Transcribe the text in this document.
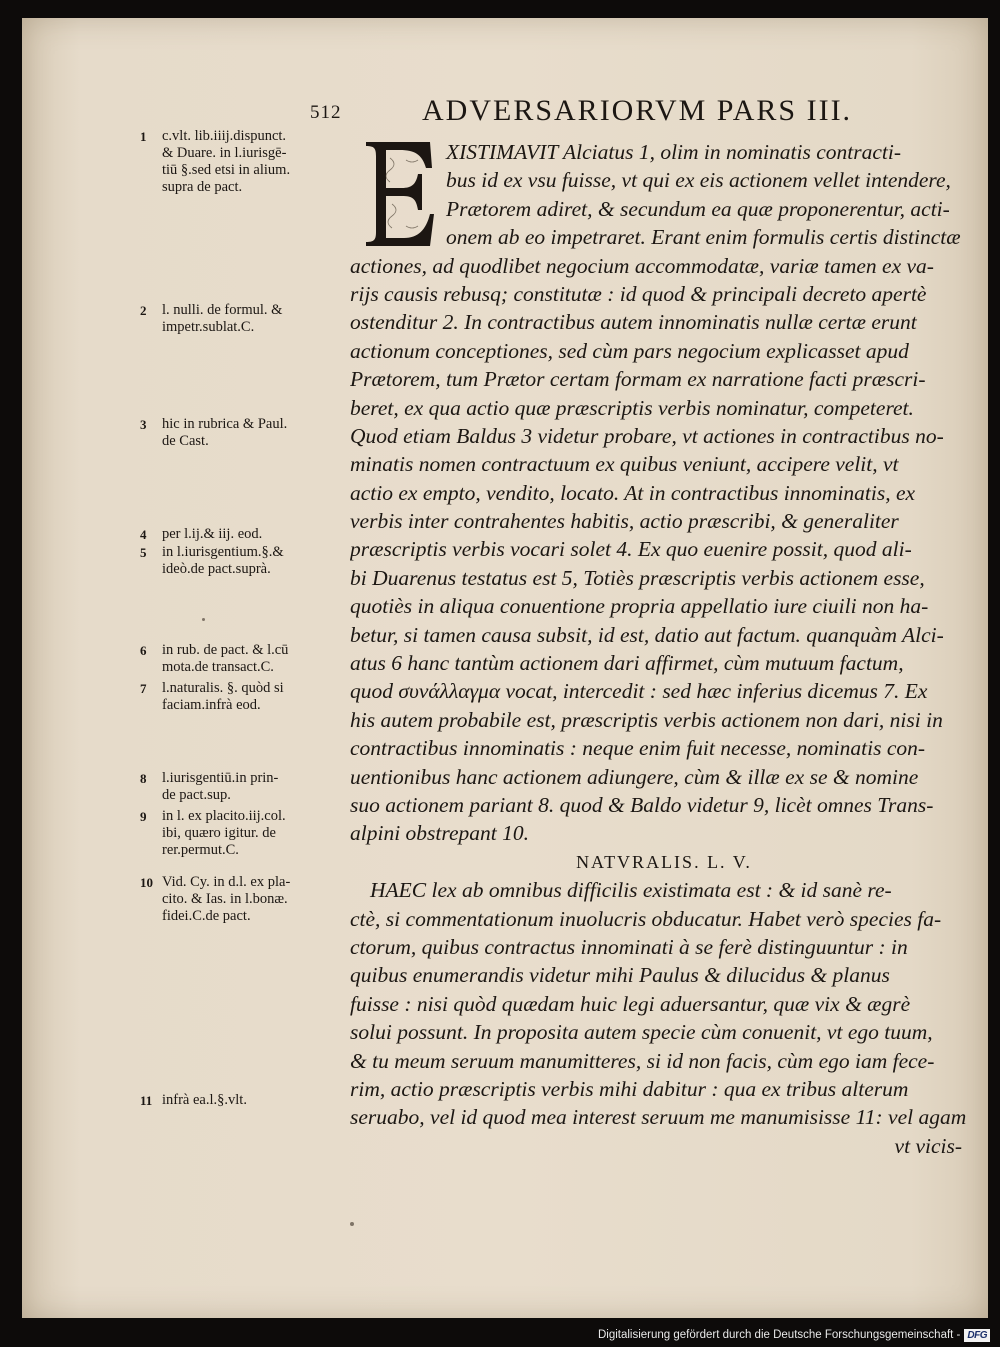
512	ADVERSARIORVM PARS III.
XISTIMAVIT Alciatus 1, olim in nominatis contracti-
bus id ex vsu fuisse, vt qui ex eis actionem vellet intendere,
Prætorem adiret, & secundum ea quæ proponerentur, acti-
onem ab eo impetraret. Erant enim formulis certis distinctæ
actiones, ad quodlibet negocium accommodatæ, variæ tamen ex va-
rijs causis rebusq; constitutæ : id quod & principali decreto apertè
ostenditur 2. In contractibus autem innominatis nullæ certæ erunt
actionum conceptiones, sed cùm pars negocium explicasset apud
Prætorem, tum Prætor certam formam ex narratione facti præscri-
beret, ex qua actio quæ præscriptis verbis nominatur, competeret.
Quod etiam Baldus 3 videtur probare, vt actiones in contractibus no-
minatis nomen contractuum ex quibus veniunt, accipere velit, vt
actio ex empto, vendito, locato. At in contractibus innominatis, ex
verbis inter contrahentes habitis, actio præscribi, & generaliter
præscriptis verbis vocari solet 4. Ex quo euenire possit, quod ali-
bi Duarenus testatus est 5, Totiès præscriptis verbis actionem esse,
quotiès in aliqua conuentione propria appellatio iure ciuili non ha-
betur, si tamen causa subsit, id est, datio aut factum. quanquàm Alci-
atus 6 hanc tantùm actionem dari affirmet, cùm mutuum factum,
quod συνάλλαγμα vocat, intercedit : sed hæc inferius dicemus 7. Ex
his autem probabile est, præscriptis verbis actionem non dari, nisi in
contractibus innominatis : neque enim fuit necesse, nominatis con-
uentionibus hanc actionem adiungere, cùm & illæ ex se & nomine
suo actionem pariant 8. quod & Baldo videtur 9, licèt omnes Trans-
alpini obstrepant 10.
NATVRALIS. L. V.
HAEC lex ab omnibus difficilis existimata est : & id sanè re-
ctè, si commentationum inuolucris obducatur. Habet verò species fa-
ctorum, quibus contractus innominati à se ferè distinguuntur : in
quibus enumerandis videtur mihi Paulus & dilucidus & planus
fuisse : nisi quòd quædam huic legi aduersantur, quæ vix & ægrè
solui possunt. In proposita autem specie cùm conuenit, vt ego tuum,
& tu meum seruum manumitteres, si id non facis, cùm ego iam fece-
rim, actio præscriptis verbis mihi dabitur : qua ex tribus alterum
seruabo, vel id quod mea interest seruum me manumisisse 11: vel agam
vt vicis-
1 c.vlt. lib.iiij.dispunct.
& Duare. in l.iurisgē-
tiū §.sed etsi in alium.
supra de pact.
2 l. nulli. de formul. &
impetr.sublat.C.
3 hic in rubrica & Paul.
de Cast.
4 per l.ij.& iij. eod.
5 in l.iurisgentium.§.&
ideò.de pact.suprà.
6 in rub. de pact. & l.cū
mota.de transact.C.
7 l.naturalis. §. quòd si
faciam.infrà eod.
8 l.iurisgentiū.in prin-
de pact.sup.
9 in l. ex placito.iij.col.
ibi, quæro igitur. de
rer.permut.C.
10 Vid. Cy. in d.l. ex pla-
cito. & Ias. in l.bonæ.
fidei.C.de pact.
11 infrà ea.l.§.vlt.
Digitalisierung gefördert durch die Deutsche Forschungsgemeinschaft - DFG
